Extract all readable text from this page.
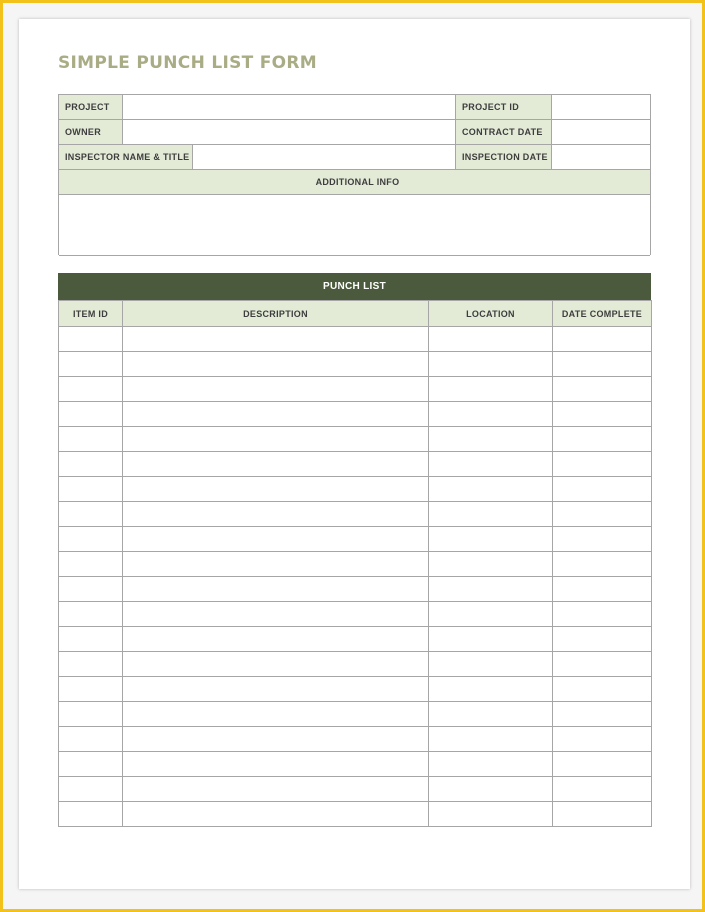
SIMPLE PUNCH LIST FORM
PROJECT	PROJECT ID
OWNER	CONTRACT DATE
INSPECTOR NAME & TITLE	INSPECTION DATE
ADDITIONAL INFO
PUNCH LIST
ITEM ID	DESCRIPTION	LOCATION	DATE COMPLETE
